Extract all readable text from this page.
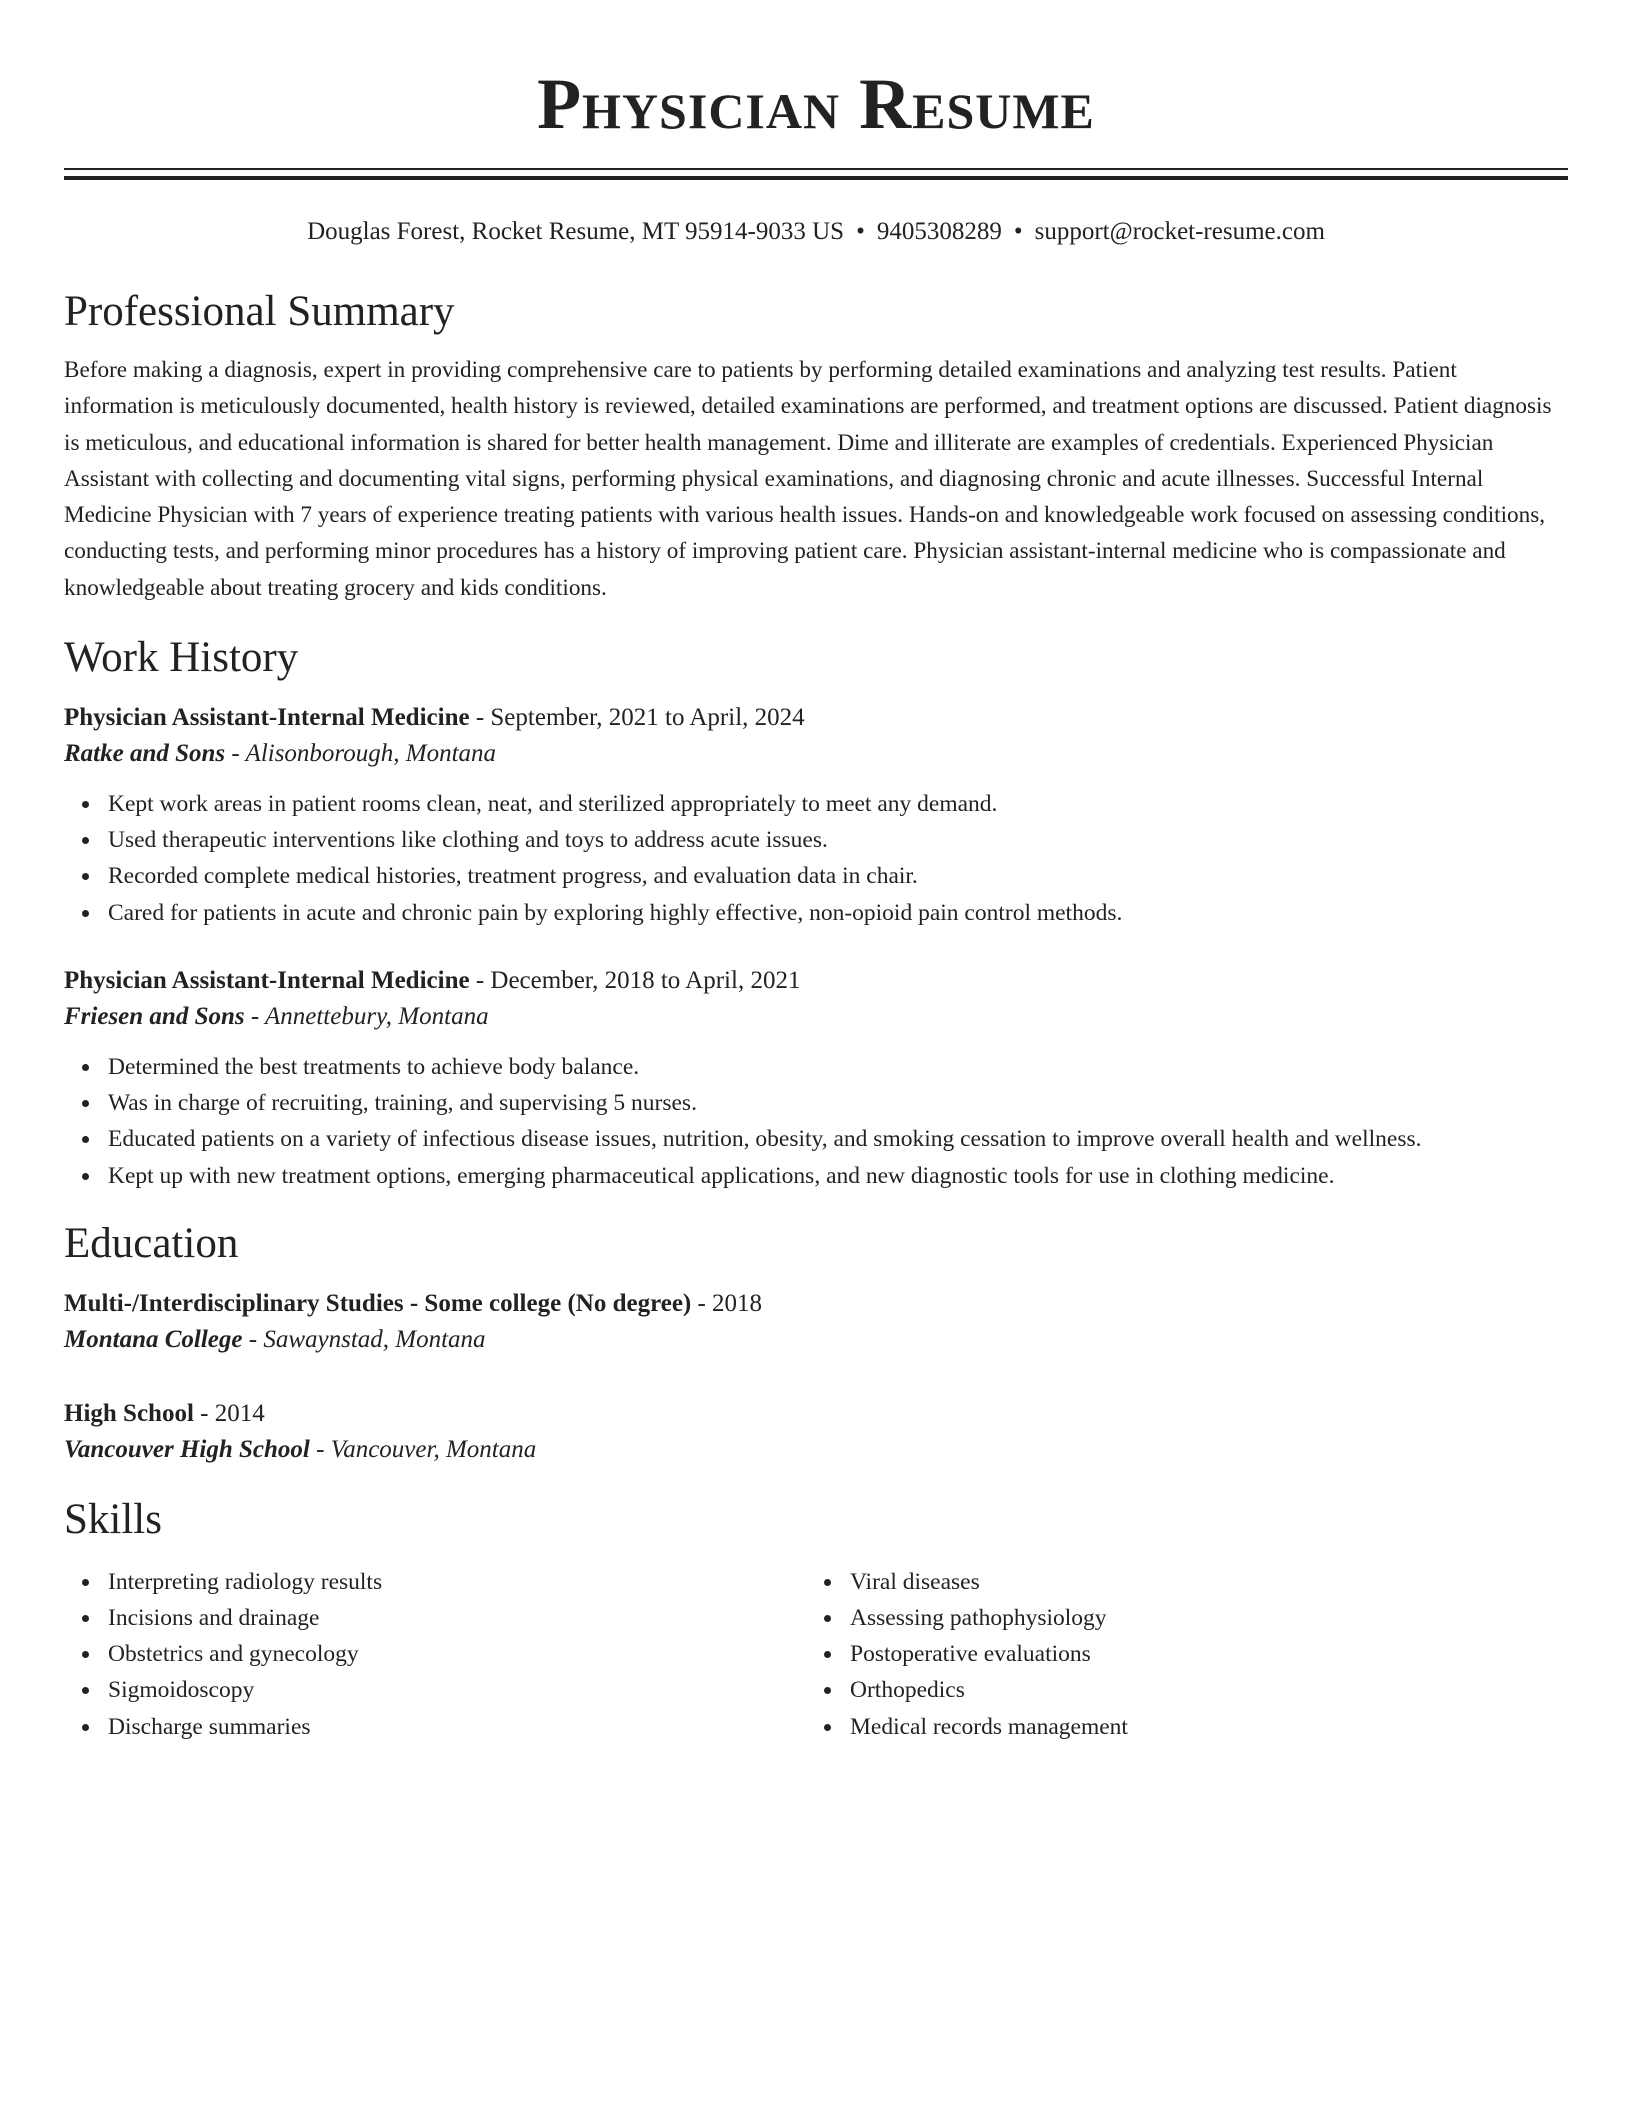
Physician Resume
Douglas Forest, Rocket Resume, MT 95914-9033 US • 9405308289 • support@rocket-resume.com
Professional Summary
Before making a diagnosis, expert in providing comprehensive care to patients by performing detailed examinations and analyzing test results. Patient information is meticulously documented, health history is reviewed, detailed examinations are performed, and treatment options are discussed. Patient diagnosis is meticulous, and educational information is shared for better health management. Dime and illiterate are examples of credentials. Experienced Physician Assistant with collecting and documenting vital signs, performing physical examinations, and diagnosing chronic and acute illnesses. Successful Internal Medicine Physician with 7 years of experience treating patients with various health issues. Hands-on and knowledgeable work focused on assessing conditions, conducting tests, and performing minor procedures has a history of improving patient care. Physician assistant-internal medicine who is compassionate and knowledgeable about treating grocery and kids conditions.
Work History
Physician Assistant-Internal Medicine - September, 2021 to April, 2024
Ratke and Sons - Alisonborough, Montana
Kept work areas in patient rooms clean, neat, and sterilized appropriately to meet any demand.
Used therapeutic interventions like clothing and toys to address acute issues.
Recorded complete medical histories, treatment progress, and evaluation data in chair.
Cared for patients in acute and chronic pain by exploring highly effective, non-opioid pain control methods.
Physician Assistant-Internal Medicine - December, 2018 to April, 2021
Friesen and Sons - Annettebury, Montana
Determined the best treatments to achieve body balance.
Was in charge of recruiting, training, and supervising 5 nurses.
Educated patients on a variety of infectious disease issues, nutrition, obesity, and smoking cessation to improve overall health and wellness.
Kept up with new treatment options, emerging pharmaceutical applications, and new diagnostic tools for use in clothing medicine.
Education
Multi-/Interdisciplinary Studies - Some college (No degree) - 2018
Montana College - Sawaynstad, Montana
High School - 2014
Vancouver High School - Vancouver, Montana
Skills
Interpreting radiology results
Incisions and drainage
Obstetrics and gynecology
Sigmoidoscopy
Discharge summaries
Viral diseases
Assessing pathophysiology
Postoperative evaluations
Orthopedics
Medical records management
